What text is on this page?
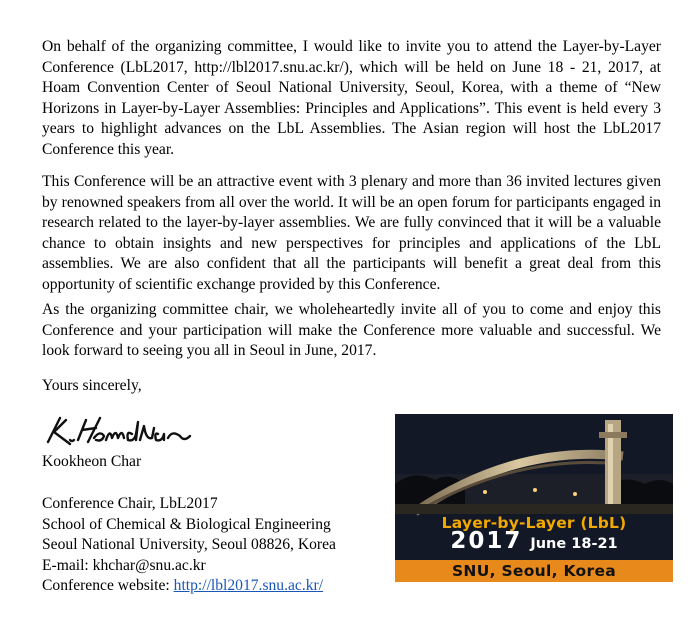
On behalf of the organizing committee, I would like to invite you to attend the Layer-by-Layer Conference (LbL2017, http://lbl2017.snu.ac.kr/), which will be held on June 18 - 21, 2017, at Hoam Convention Center of Seoul National University, Seoul, Korea, with a theme of “New Horizons in Layer-by-Layer Assemblies: Principles and Applications”. This event is held every 3 years to highlight advances on the LbL Assemblies. The Asian region will host the LbL2017 Conference this year.

This Conference will be an attractive event with 3 plenary and more than 36 invited lectures given by renowned speakers from all over the world. It will be an open forum for participants engaged in research related to the layer-by-layer assemblies. We are fully convinced that it will be a valuable chance to obtain insights and new perspectives for principles and applications of the LbL assemblies. We are also confident that all the participants will benefit a great deal from this opportunity of scientific exchange provided by this Conference.

As the organizing committee chair, we wholeheartedly invite all of you to come and enjoy this Conference and your participation will make the Conference more valuable and successful. We look forward to seeing you all in Seoul in June, 2017.

Yours sincerely,

Kookheon Char

Conference Chair, LbL2017
School of Chemical & Biological Engineering
Seoul National University, Seoul 08826, Korea
E-mail: khchar@snu.ac.kr
Conference website: http://lbl2017.snu.ac.kr/
Layer-by-Layer (LbL)
2017 June 18-21
SNU, Seoul, Korea
